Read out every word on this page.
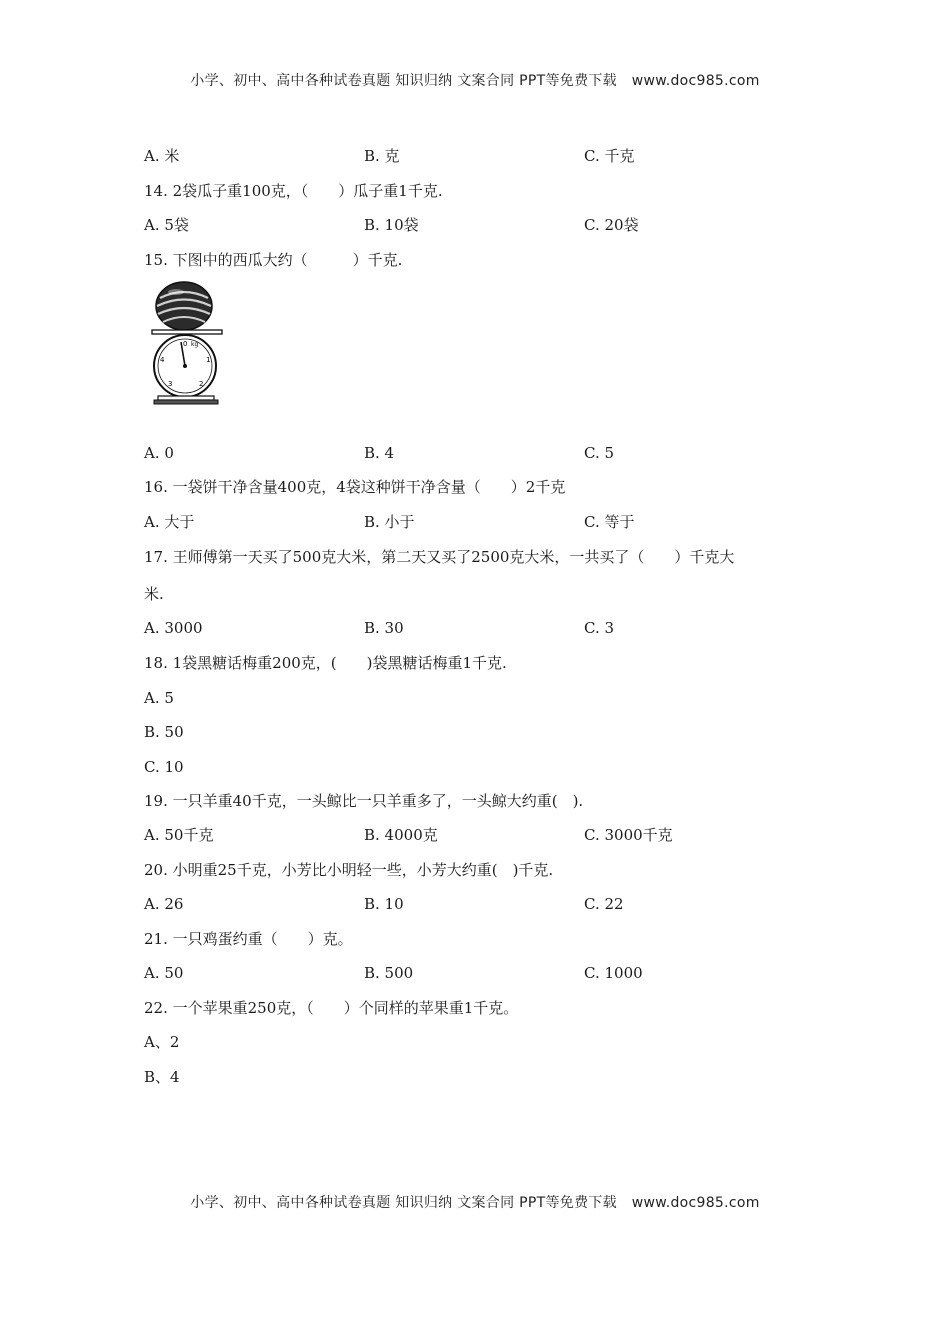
小学、初中、高中各种试卷真题 知识归纳 文案合同 PPT等免费下载 www.doc985.com
A. 米	B. 克	C. 千克
14. 2袋瓜子重100克，（　　）瓜子重1千克.
A. 5袋	B. 10袋	C. 20袋
15. 下图中的西瓜大约（　　　）千克.
0 kg
1
2
3
4
A. 0	B. 4	C. 5
16. 一袋饼干净含量400克，4袋这种饼干净含量（　　）2千克
A. 大于	B. 小于	C. 等于
17. 王师傅第一天买了500克大米，第二天又买了2500克大米，一共买了（　　）千克大
米.
A. 3000	B. 30	C. 3
18. 1袋黑糖话梅重200克，(　　)袋黑糖话梅重1千克.
A. 5
B. 50
C. 10
19. 一只羊重40千克，一头鲸比一只羊重多了，一头鲸大约重(　).
A. 50千克	B. 4000克	C. 3000千克
20. 小明重25千克，小芳比小明轻一些，小芳大约重(　)千克.
A. 26	B. 10	C. 22
21. 一只鸡蛋约重（　　）克。
A. 50	B. 500	C. 1000
22. 一个苹果重250克，（　　）个同样的苹果重1千克。
A、2
B、4
小学、初中、高中各种试卷真题 知识归纳 文案合同 PPT等免费下载 www.doc985.com
